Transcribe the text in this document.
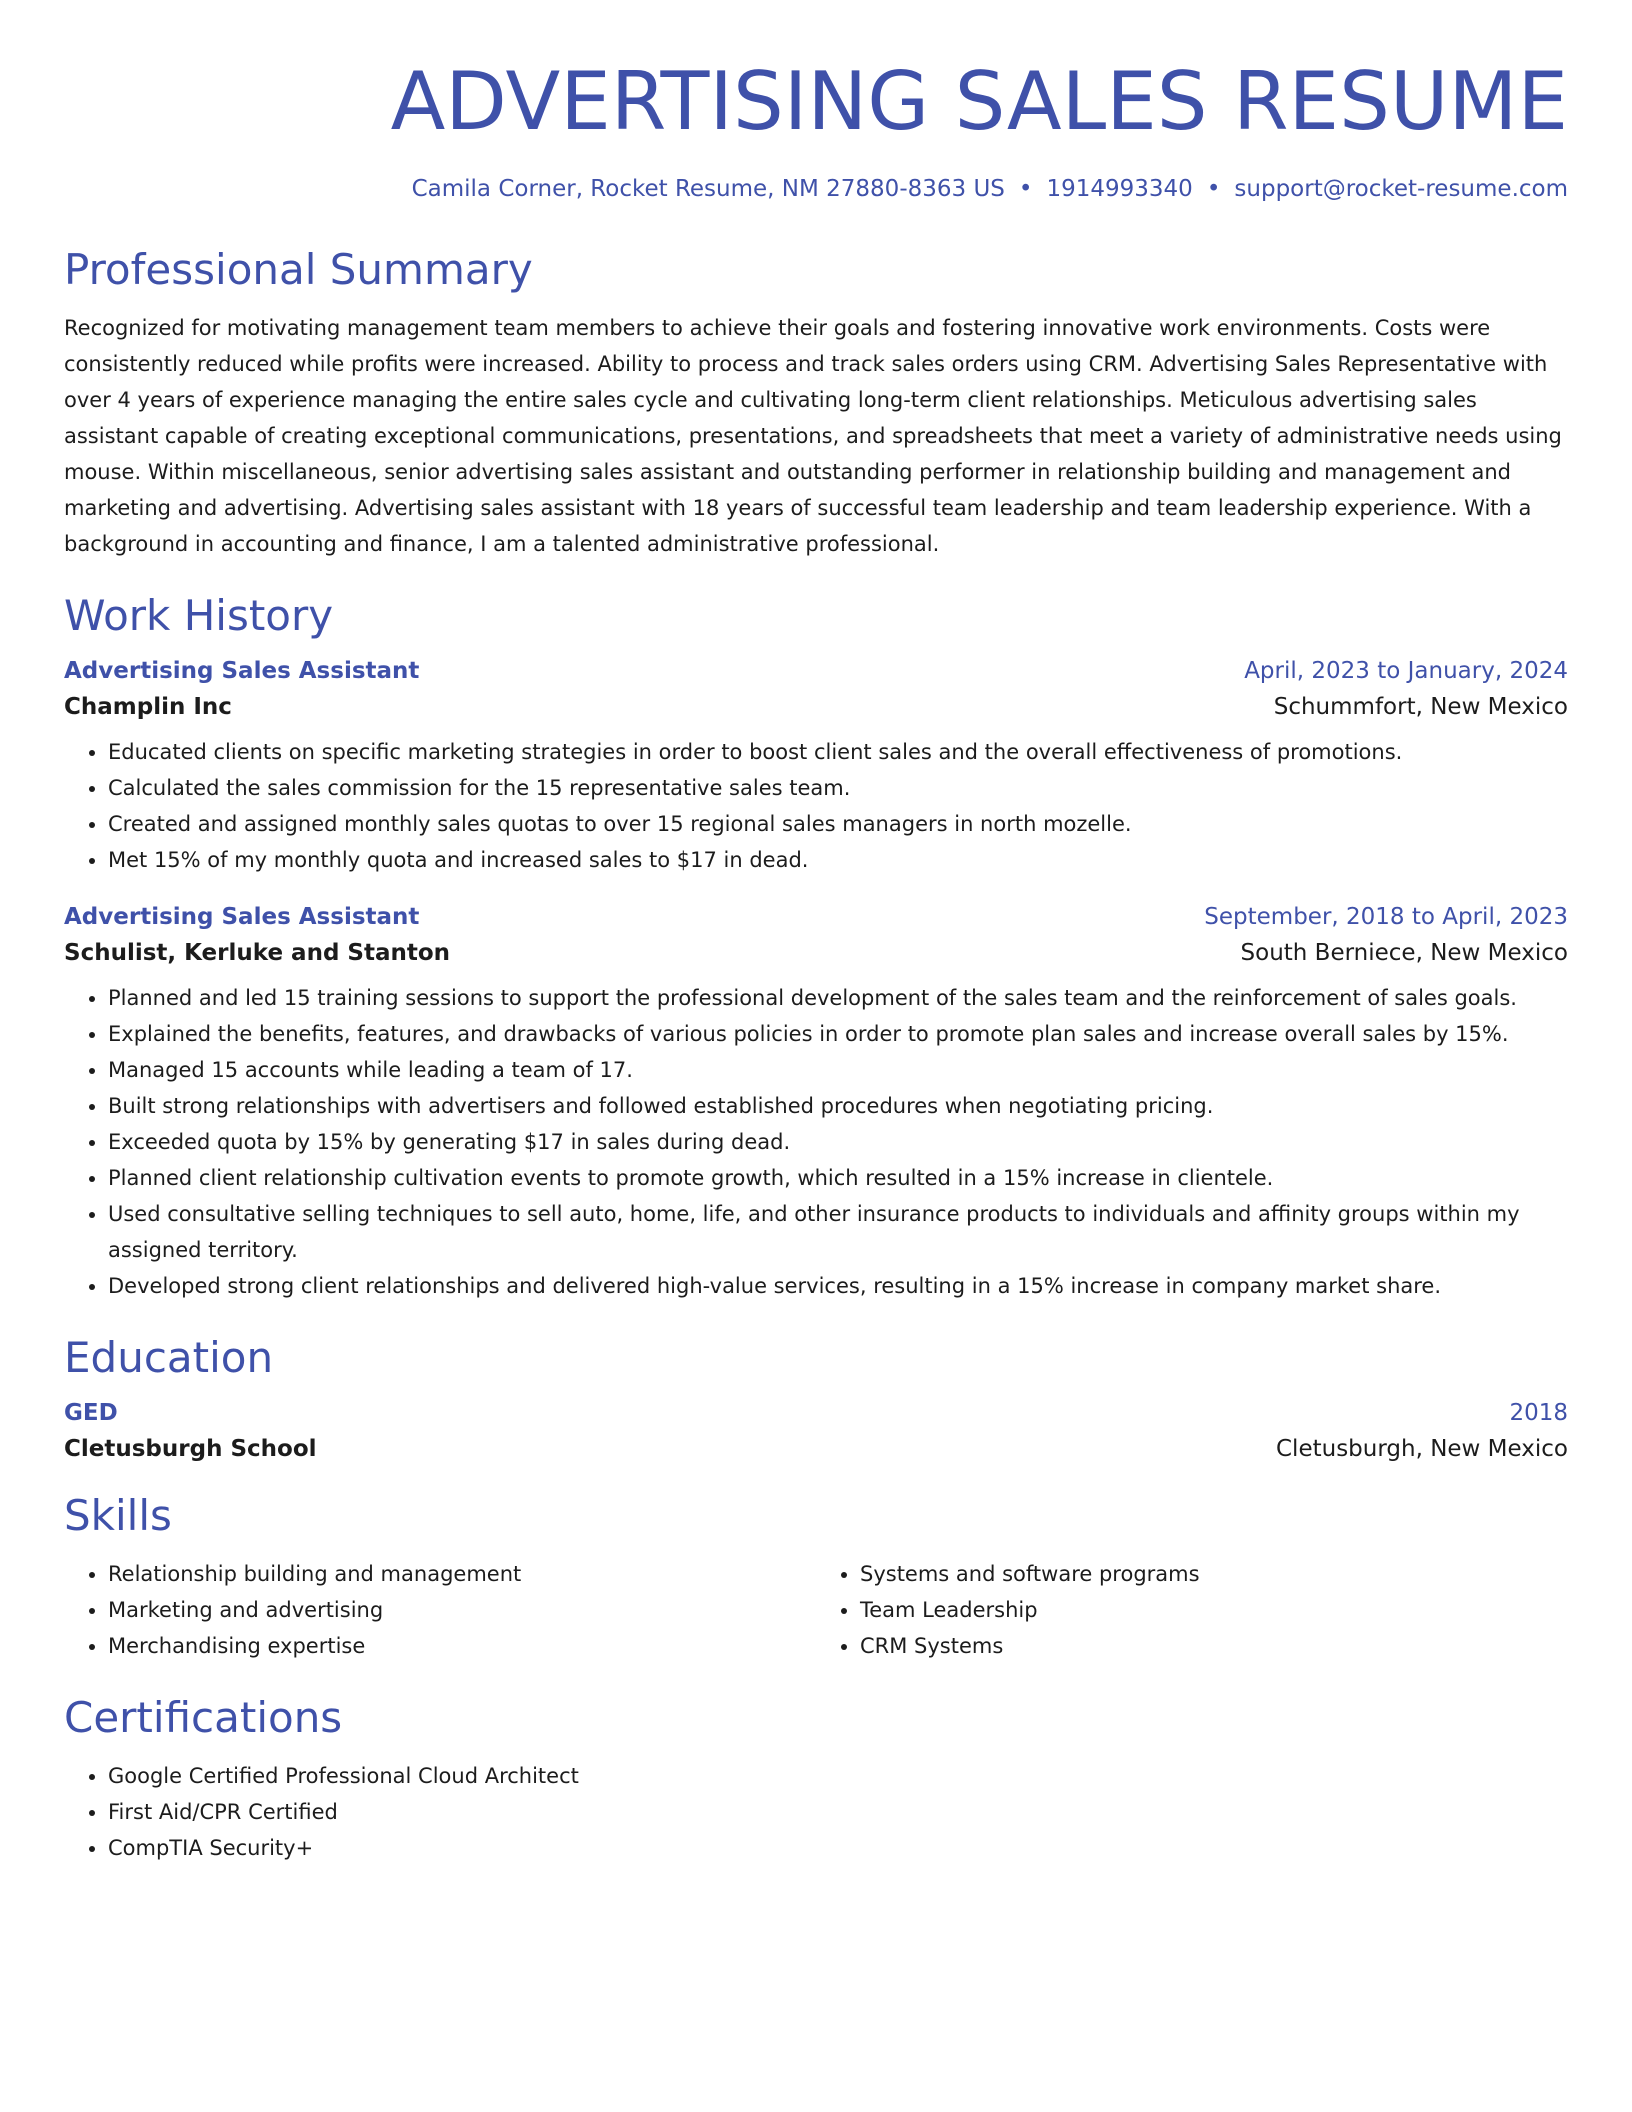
ADVERTISING SALES RESUME
Camila Corner, Rocket Resume, NM 27880-8363 US • 1914993340 • support@rocket-resume.com
Professional Summary
Recognized for motivating management team members to achieve their goals and fostering innovative work environments. Costs were consistently reduced while profits were increased. Ability to process and track sales orders using CRM. Advertising Sales Representative with over 4 years of experience managing the entire sales cycle and cultivating long-term client relationships. Meticulous advertising sales assistant capable of creating exceptional communications, presentations, and spreadsheets that meet a variety of administrative needs using mouse. Within miscellaneous, senior advertising sales assistant and outstanding performer in relationship building and management and marketing and advertising. Advertising sales assistant with 18 years of successful team leadership and team leadership experience. With a background in accounting and finance, I am a talented administrative professional.
Work History
Advertising Sales Assistant	April, 2023 to January, 2024
Champlin Inc	Schummfort, New Mexico
• Educated clients on specific marketing strategies in order to boost client sales and the overall effectiveness of promotions.
• Calculated the sales commission for the 15 representative sales team.
• Created and assigned monthly sales quotas to over 15 regional sales managers in north mozelle.
• Met 15% of my monthly quota and increased sales to $17 in dead.
Advertising Sales Assistant	September, 2018 to April, 2023
Schulist, Kerluke and Stanton	South Berniece, New Mexico
• Planned and led 15 training sessions to support the professional development of the sales team and the reinforcement of sales goals.
• Explained the benefits, features, and drawbacks of various policies in order to promote plan sales and increase overall sales by 15%.
• Managed 15 accounts while leading a team of 17.
• Built strong relationships with advertisers and followed established procedures when negotiating pricing.
• Exceeded quota by 15% by generating $17 in sales during dead.
• Planned client relationship cultivation events to promote growth, which resulted in a 15% increase in clientele.
• Used consultative selling techniques to sell auto, home, life, and other insurance products to individuals and affinity groups within my assigned territory.
• Developed strong client relationships and delivered high-value services, resulting in a 15% increase in company market share.
Education
GED	2018
Cletusburgh School	Cletusburgh, New Mexico
Skills
• Relationship building and management
• Marketing and advertising
• Merchandising expertise
• Systems and software programs
• Team Leadership
• CRM Systems
Certifications
• Google Certified Professional Cloud Architect
• First Aid/CPR Certified
• CompTIA Security+
